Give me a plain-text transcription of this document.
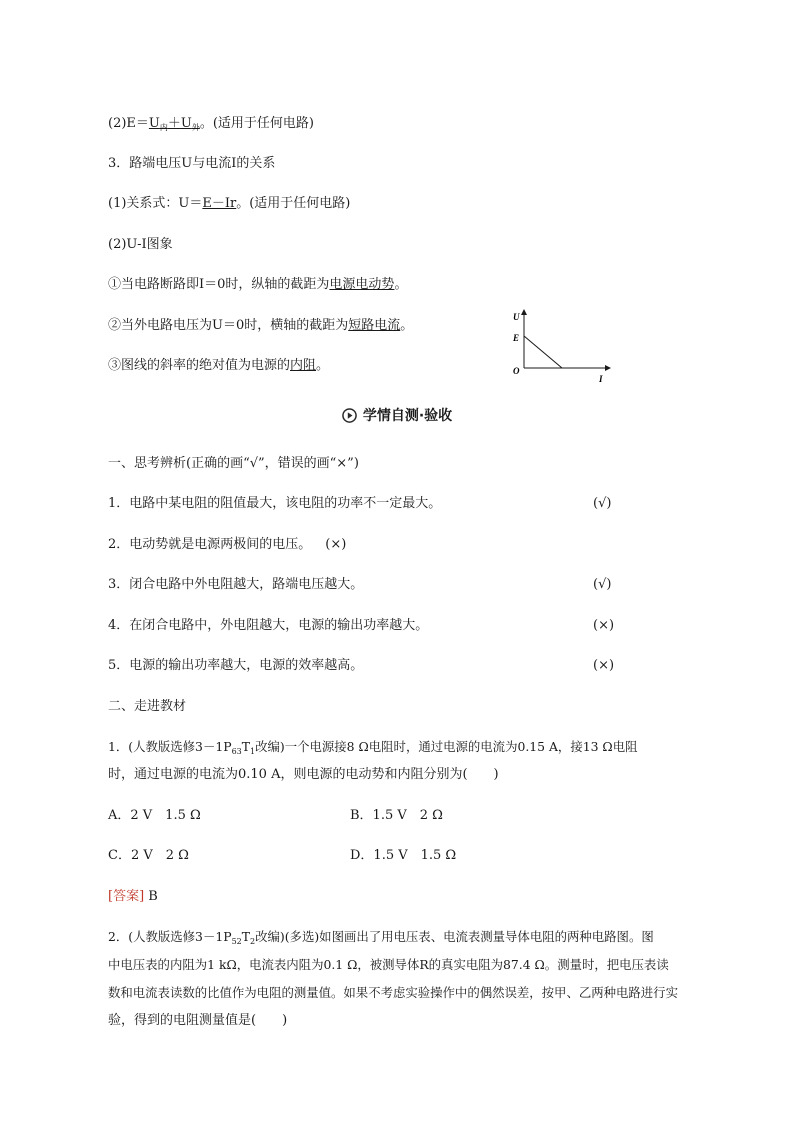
$(2)E=U_内+U_外$。(适用于任何电路)
3．路端电压U与电流I的关系
(1)关系式：U＝E－Ir。(适用于任何电路)
(2)U-I图象
①当电路断路即I＝0时，纵轴的截距为电源电动势。
②当外电路电压为U＝0时，横轴的截距为短路电流。
③图线的斜率的绝对值为电源的内阻。
U
E
O
I
学情自测·验收
一、思考辨析(正确的画“√”，错误的画“×”)
1．电路中某电阻的阻值最大，该电阻的功率不一定最大。	(√)
2．电动势就是电源两极间的电压。 (×)
3．闭合电路中外电阻越大，路端电压越大。	(√)
4．在闭合电路中，外电阻越大，电源的输出功率越大。	(×)
5．电源的输出功率越大，电源的效率越高。	(×)
二、走进教材
1．(人教版选修$3-1P_{63}T_1$改编)一个电源接8 Ω电阻时，通过电源的电流为0.15 A，接13 Ω电阻
时，通过电源的电流为0.10 A，则电源的电动势和内阻分别为(　　)
A．2 V　1.5 Ω	B．1.5 V　2 Ω
C．2 V　2 Ω	D．1.5 V　1.5 Ω
[答案] B
2．(人教版选修$3-1P_{52}T_2$改编)(多选)如图画出了用电压表、电流表测量导体电阻的两种电路图。图
中电压表的内阻为1 kΩ，电流表内阻为0.1 Ω，被测导体R的真实电阻为87.4 Ω。测量时，把电压表读
数和电流表读数的比值作为电阻的测量值。如果不考虑实验操作中的偶然误差，按甲、乙两种电路进行实
验，得到的电阻测量值是(　　)
